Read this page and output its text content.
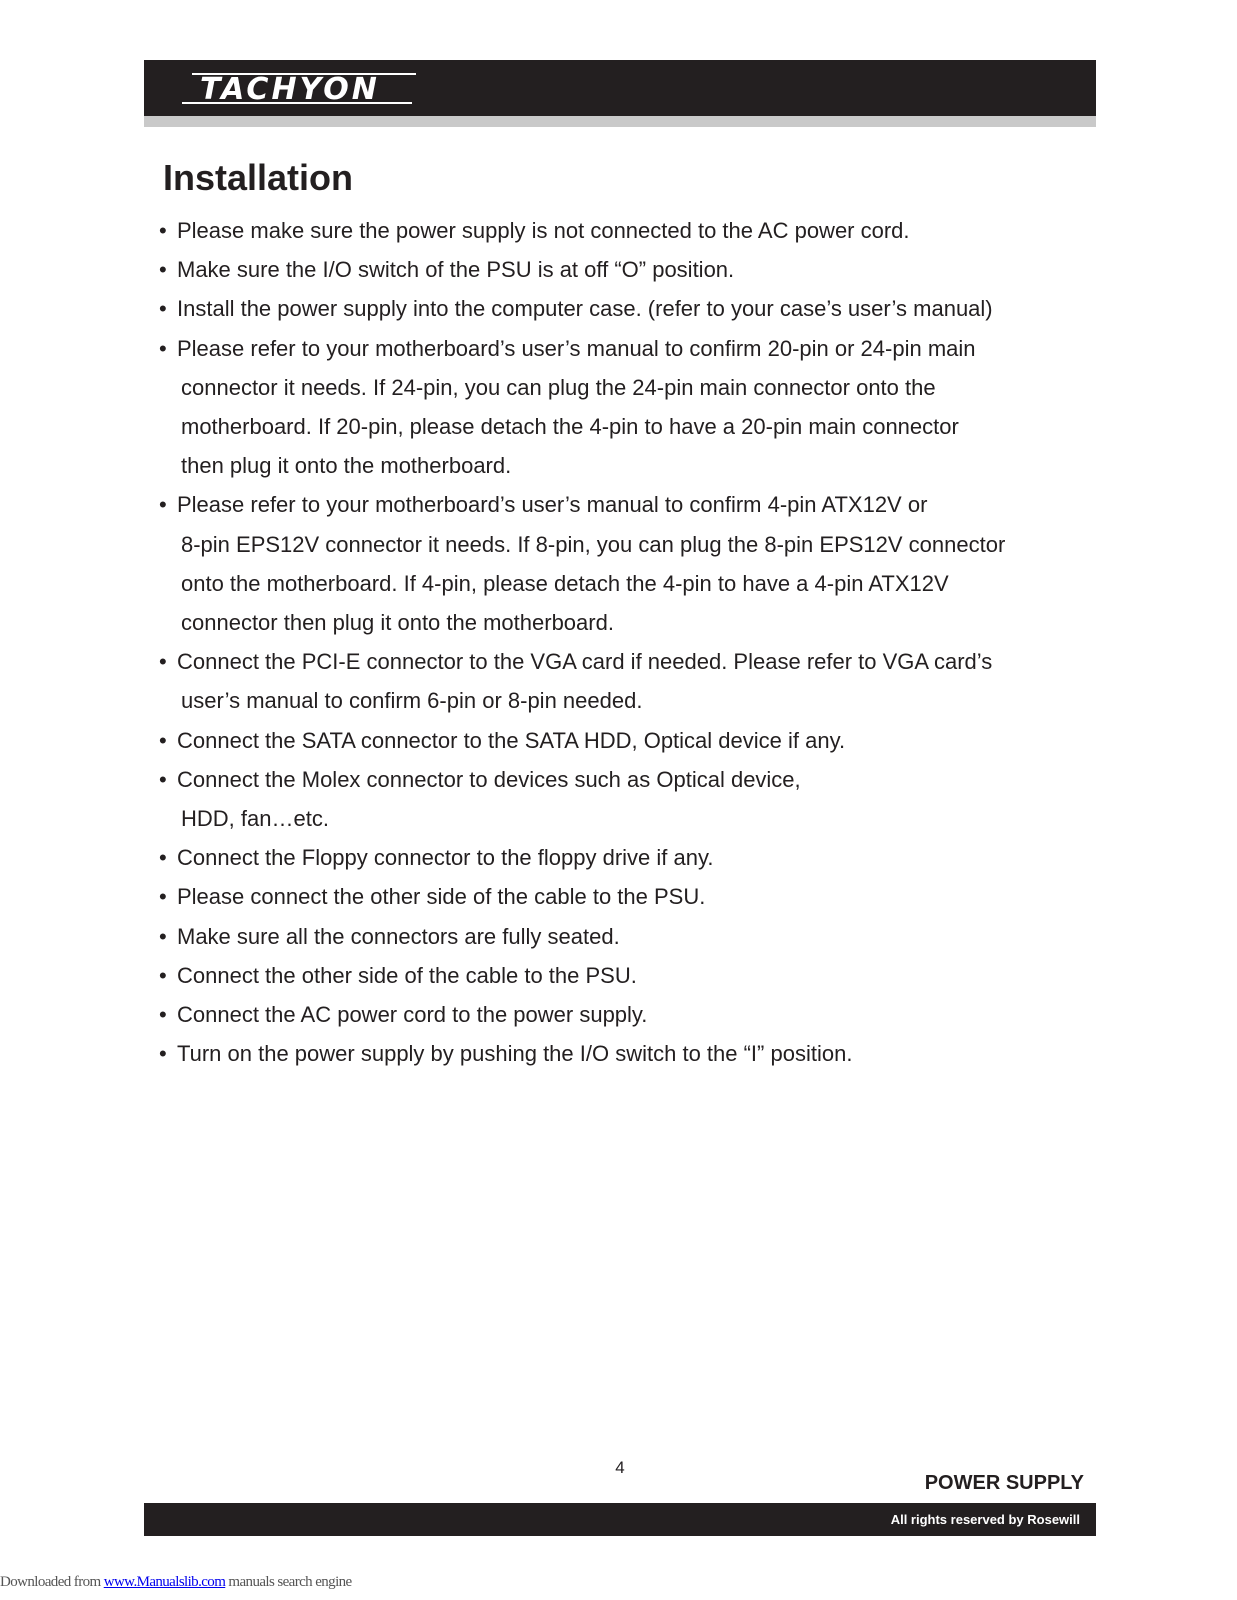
TACHYON
Installation
• Please make sure the power supply is not connected to the AC power cord.
• Make sure the I/O switch of the PSU is at off “O” position.
• Install the power supply into the computer case. (refer to your case’s user’s manual)
• Please refer to your motherboard’s user’s manual to confirm 20-pin or 24-pin main
connector it needs. If 24-pin, you can plug the 24-pin main connector onto the
motherboard. If 20-pin, please detach the 4-pin to have a 20-pin main connector
then plug it onto the motherboard.
• Please refer to your motherboard’s user’s manual to confirm 4-pin ATX12V or
8-pin EPS12V connector it needs. If 8-pin, you can plug the 8-pin EPS12V connector
onto the motherboard. If 4-pin, please detach the 4-pin to have a 4-pin ATX12V
connector then plug it onto the motherboard.
• Connect the PCI-E connector to the VGA card if needed. Please refer to VGA card’s
user’s manual to confirm 6-pin or 8-pin needed.
• Connect the SATA connector to the SATA HDD, Optical device if any.
• Connect the Molex connector to devices such as Optical device,
HDD, fan…etc.
• Connect the Floppy connector to the floppy drive if any.
• Please connect the other side of the cable to the PSU.
• Make sure all the connectors are fully seated.
• Connect the other side of the cable to the PSU.
• Connect the AC power cord to the power supply.
• Turn on the power supply by pushing the I/O switch to the “I” position.
4
POWER SUPPLY
All rights reserved by Rosewill
Downloaded from www.Manualslib.com manuals search engine
